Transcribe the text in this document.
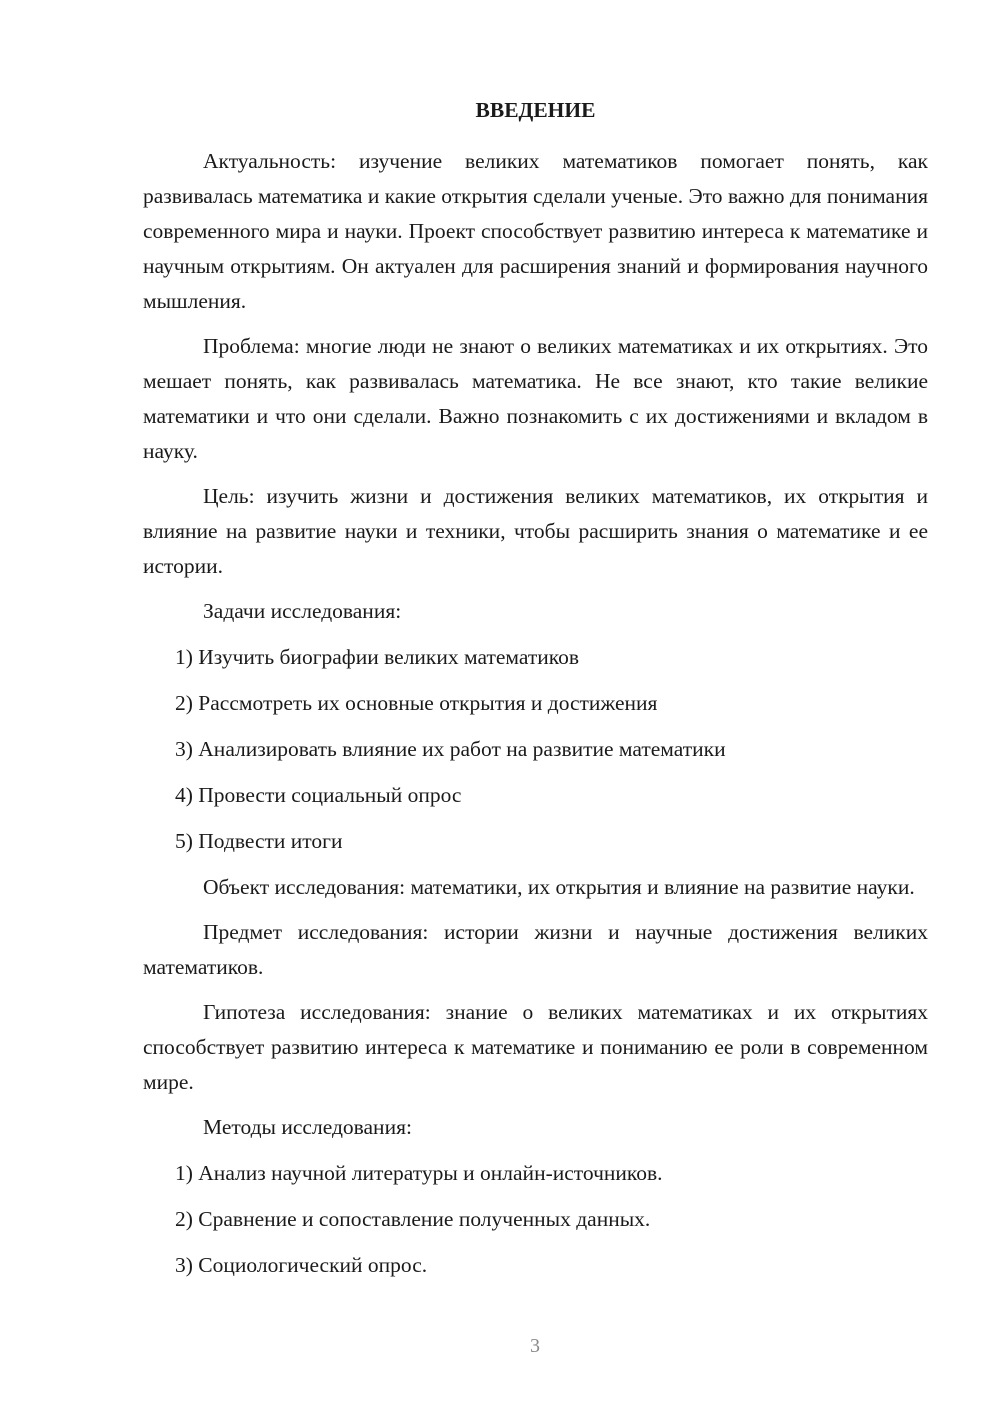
ВВЕДЕНИЕ

Актуальность: изучение великих математиков помогает понять, как развивалась математика и какие открытия сделали ученые. Это важно для понимания современного мира и науки. Проект способствует развитию интереса к математике и научным открытиям. Он актуален для расширения знаний и формирования научного мышления.

Проблема: многие люди не знают о великих математиках и их открытиях. Это мешает понять, как развивалась математика. Не все знают, кто такие великие математики и что они сделали. Важно познакомить с их достижениями и вкладом в науку.

Цель: изучить жизни и достижения великих математиков, их открытия и влияние на развитие науки и техники, чтобы расширить знания о математике и ее истории.

Задачи исследования:

1) Изучить биографии великих математиков
2) Рассмотреть их основные открытия и достижения
3) Анализировать влияние их работ на развитие математики
4) Провести социальный опрос
5) Подвести итоги

Объект исследования: математики, их открытия и влияние на развитие науки.

Предмет исследования: истории жизни и научные достижения великих математиков.

Гипотеза исследования: знание о великих математиках и их открытиях способствует развитию интереса к математике и пониманию ее роли в современном мире.

Методы исследования:

1) Анализ научной литературы и онлайн-источников.
2) Сравнение и сопоставление полученных данных.
3) Социологический опрос.
3
